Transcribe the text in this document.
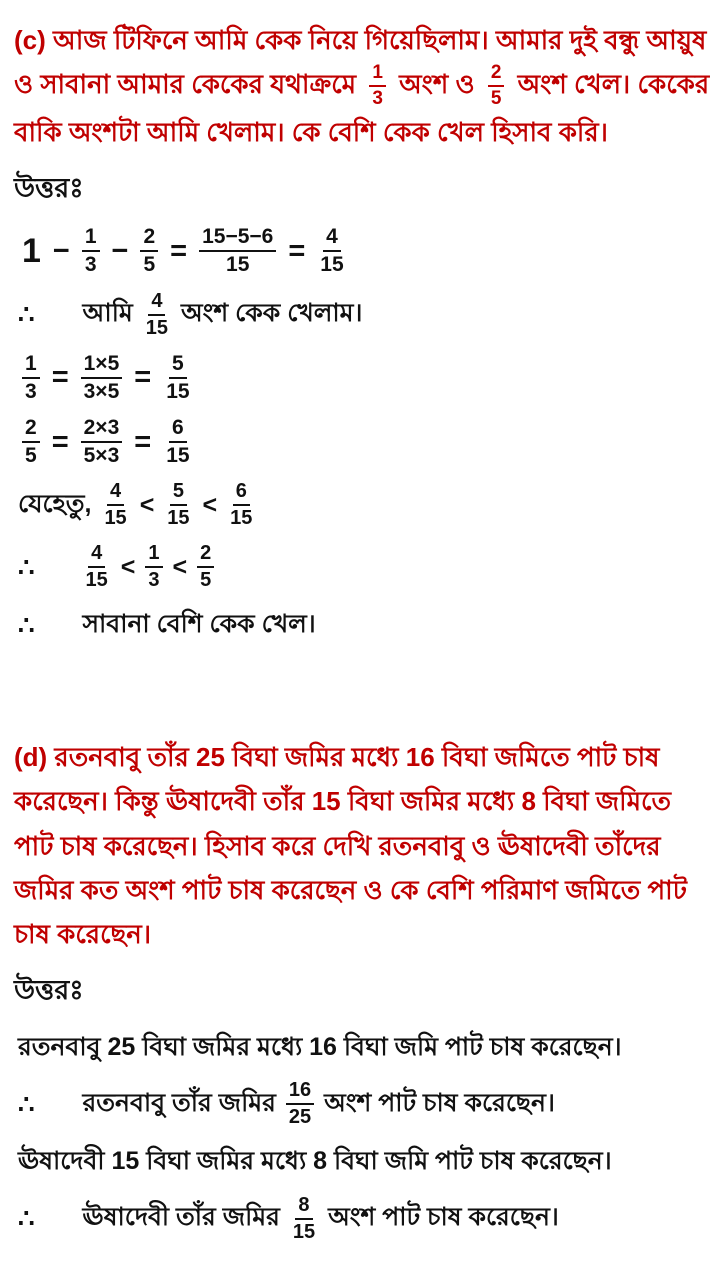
(c) আজ টিফিনে আমি কেক নিয়ে গিয়েছিলাম। আমার দুই বন্ধু আয়ুষ ও সাবানা আমার কেকের যথাক্রমে $\frac{1}{3}$ অংশ ও $\frac{2}{5}$ অংশ খেল। কেকের বাকি অংশটা আমি খেলাম। কে বেশি কেক খেল হিসাব করি।

উত্তরঃ
$1 - \frac{1}{3} - \frac{2}{5} = \frac{15-5-6}{15} = \frac{4}{15}$
∴ আমি $\frac{4}{15}$ অংশ কেক খেলাম।
$\frac{1}{3} = \frac{1\times 5}{3\times 5} = \frac{5}{15}$
$\frac{2}{5} = \frac{2\times 3}{5\times 3} = \frac{6}{15}$
যেহেতু, $\frac{4}{15} < \frac{5}{15} < \frac{6}{15}$
∴ $\frac{4}{15} < \frac{1}{3} < \frac{2}{5}$
∴ সাবানা বেশি কেক খেল।

(d) রতনবাবু তাঁর 25 বিঘা জমির মধ্যে 16 বিঘা জমিতে পাট চাষ করেছেন। কিন্তু ঊষাদেবী তাঁর 15 বিঘা জমির মধ্যে 8 বিঘা জমিতে পাট চাষ করেছেন। হিসাব করে দেখি রতনবাবু ও ঊষাদেবী তাঁদের জমির কত অংশ পাট চাষ করেছেন ও কে বেশি পরিমাণ জমিতে পাট চাষ করেছেন।

উত্তরঃ

রতনবাবু 25 বিঘা জমির মধ্যে 16 বিঘা জমি পাট চাষ করেছেন।

∴ রতনবাবু তাঁর জমির $\frac{16}{25}$ অংশ পাট চাষ করেছেন।

ঊষাদেবী 15 বিঘা জমির মধ্যে 8 বিঘা জমি পাট চাষ করেছেন।

∴ ঊষাদেবী তাঁর জমির $\frac{8}{15}$ অংশ পাট চাষ করেছেন।
